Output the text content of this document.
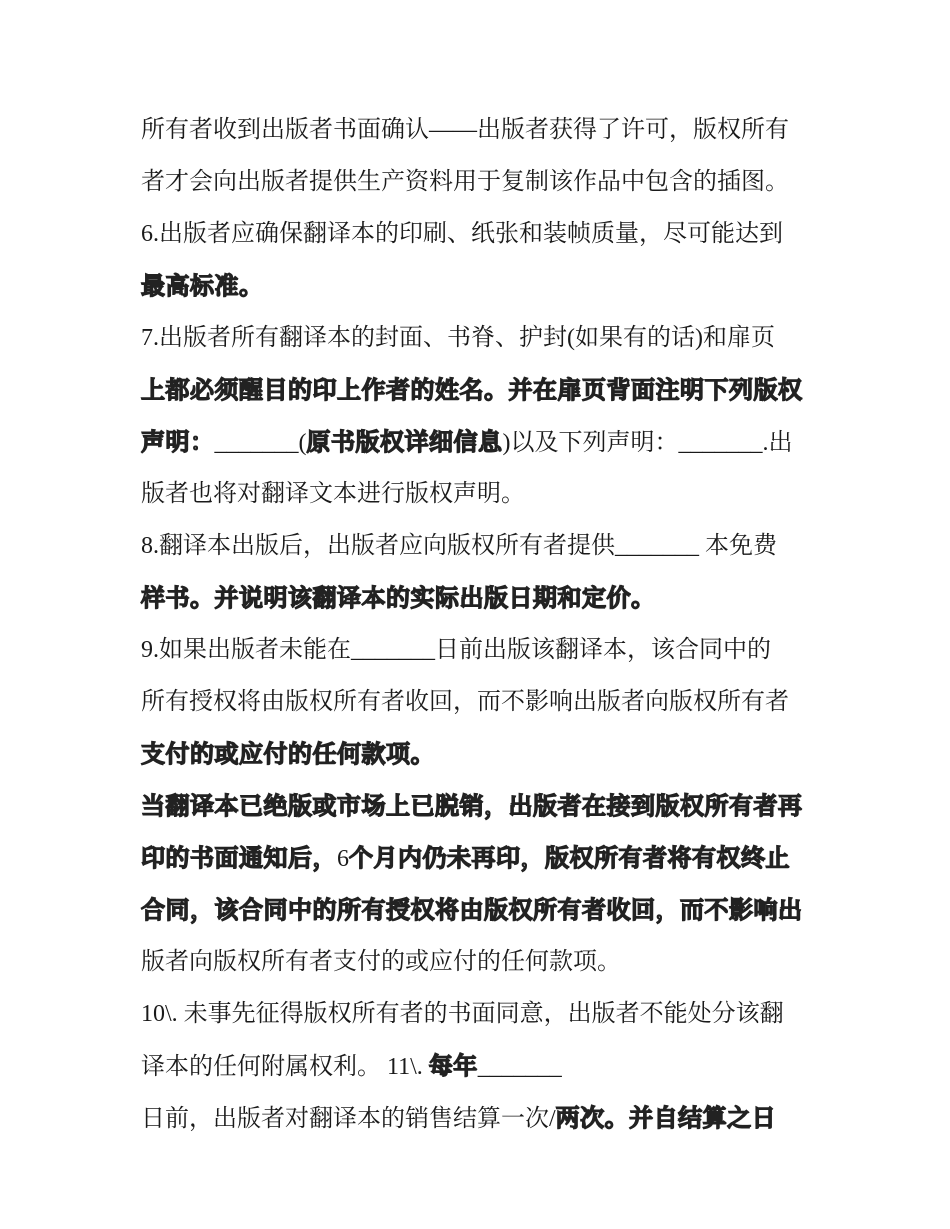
所有者收到出版者书面确认——出版者获得了许可，版权所有
者才会向出版者提供生产资料用于复制该作品中包含的插图。
6.出版者应确保翻译本的印刷、纸张和装帧质量，尽可能达到
最高标准。
7.出版者所有翻译本的封面、书脊、护封(如果有的话)和扉页
上都必须醒目的印上作者的姓名。并在扉页背面注明下列版权
声明：_______(原书版权详细信息)以及下列声明：_______.出
版者也将对翻译文本进行版权声明。
8.翻译本出版后，出版者应向版权所有者提供_______ 本免费
样书。并说明该翻译本的实际出版日期和定价。
9.如果出版者未能在_______日前出版该翻译本，该合同中的
所有授权将由版权所有者收回，而不影响出版者向版权所有者
支付的或应付的任何款项。
当翻译本已绝版或市场上已脱销，出版者在接到版权所有者再
印的书面通知后，6个月内仍未再印，版权所有者将有权终止
合同，该合同中的所有授权将由版权所有者收回，而不影响出
版者向版权所有者支付的或应付的任何款项。
10\. 未事先征得版权所有者的书面同意，出版者不能处分该翻
译本的任何附属权利。 11\. 每年_______
日前，出版者对翻译本的销售结算一次/两次。并自结算之日
